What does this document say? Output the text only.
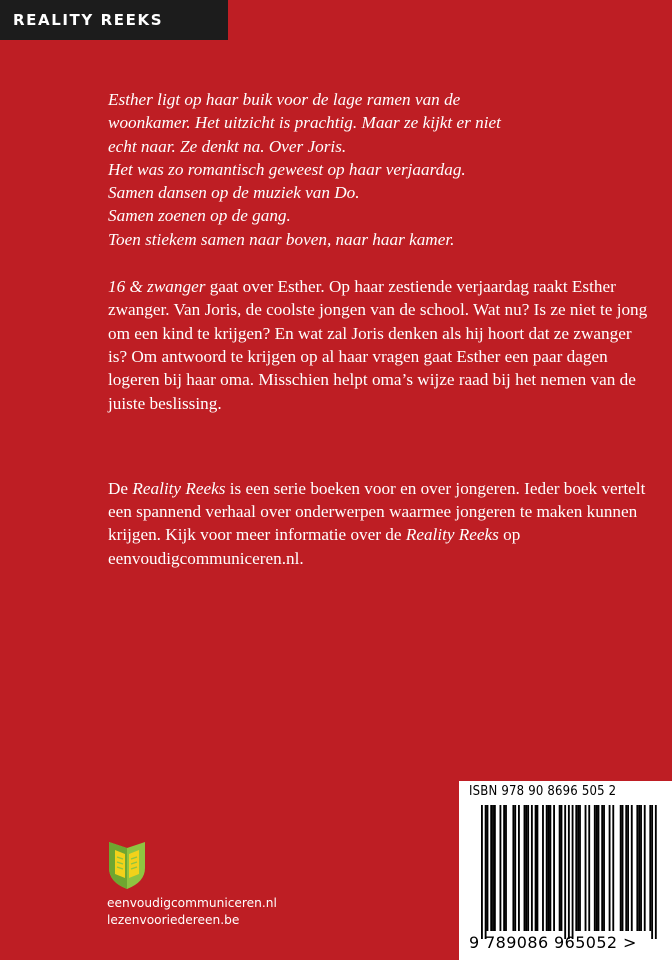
REALITY REEKS

Esther ligt op haar buik voor de lage ramen van de
woonkamer. Het uitzicht is prachtig. Maar ze kijkt er niet
echt naar. Ze denkt na. Over Joris.
Het was zo romantisch geweest op haar verjaardag.
Samen dansen op de muziek van Do.
Samen zoenen op de gang.
Toen stiekem samen naar boven, naar haar kamer.

16 & zwanger gaat over Esther. Op haar zestiende verjaardag raakt Esther zwanger. Van Joris, de coolste jongen van de school. Wat nu? Is ze niet te jong om een kind te krijgen? En wat zal Joris denken als hij hoort dat ze zwanger is? Om antwoord te krijgen op al haar vragen gaat Esther een paar dagen logeren bij haar oma. Misschien helpt oma’s wijze raad bij het nemen van de juiste beslissing.

De Reality Reeks is een serie boeken voor en over jongeren. Ieder boek vertelt een spannend verhaal over onderwerpen waarmee jongeren te maken kunnen krijgen. Kijk voor meer informatie over de Reality Reeks op eenvoudigcommuniceren.nl.

eenvoudigcommuniceren.nl
lezenvooriedereen.be
ISBN 978 90 8696 505 2
9 789086 965052 >
